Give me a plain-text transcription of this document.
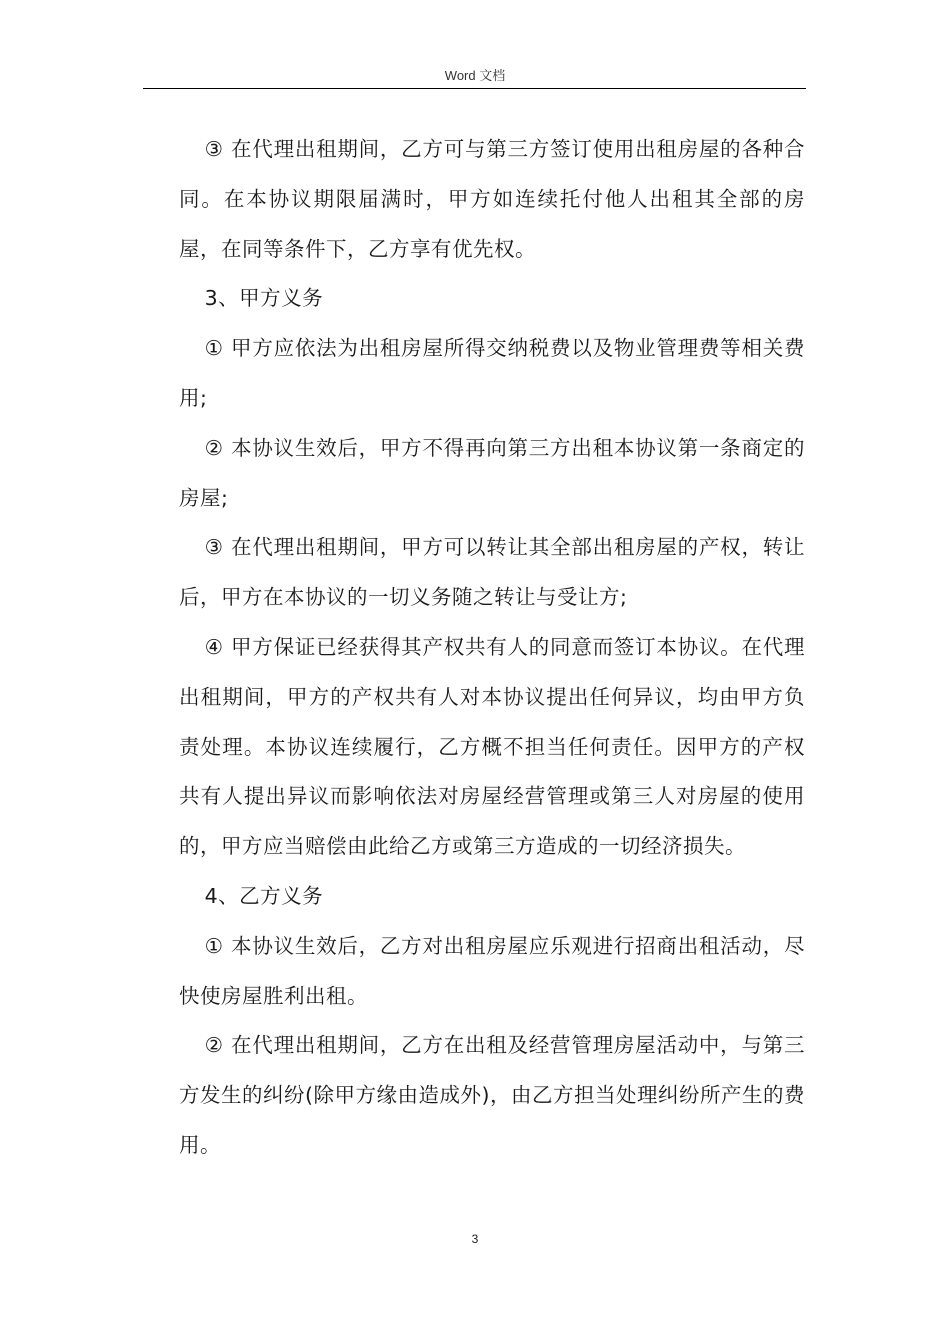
Word 文档

③ 在代理出租期间，乙方可与第三方签订使用出租房屋的各种合同。在本协议期限届满时，甲方如连续托付他人出租其全部的房屋，在同等条件下，乙方享有优先权。

3、甲方义务

① 甲方应依法为出租房屋所得交纳税费以及物业管理费等相关费用;

② 本协议生效后，甲方不得再向第三方出租本协议第一条商定的房屋;

③ 在代理出租期间，甲方可以转让其全部出租房屋的产权，转让后，甲方在本协议的一切义务随之转让与受让方;

④ 甲方保证已经获得其产权共有人的同意而签订本协议。在代理出租期间，甲方的产权共有人对本协议提出任何异议，均由甲方负责处理。本协议连续履行，乙方概不担当任何责任。因甲方的产权共有人提出异议而影响依法对房屋经营管理或第三人对房屋的使用的，甲方应当赔偿由此给乙方或第三方造成的一切经济损失。

4、乙方义务

① 本协议生效后，乙方对出租房屋应乐观进行招商出租活动，尽快使房屋胜利出租。

② 在代理出租期间，乙方在出租及经营管理房屋活动中，与第三方发生的纠纷(除甲方缘由造成外)，由乙方担当处理纠纷所产生的费用。

3
